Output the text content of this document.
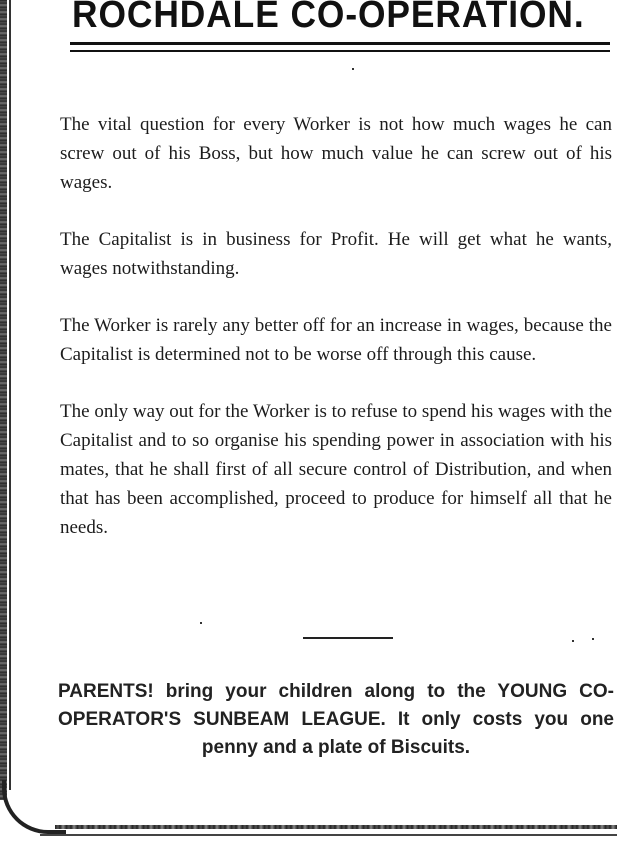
ROCHDALE CO-OPERATION.

The vital question for every Worker is not how much wages he can screw out of his Boss, but how much value he can screw out of his wages.

The Capitalist is in business for Profit. He will get what he wants, wages notwithstanding.

The Worker is rarely any better off for an increase in wages, because the Capitalist is determined not to be worse off through this cause.

The only way out for the Worker is to refuse to spend his wages with the Capitalist and to so organise his spending power in association with his mates, that he shall first of all secure control of Distribution, and when that has been accomplished, proceed to produce for himself all that he needs.

PARENTS! bring your children along to the YOUNG CO-OPERATOR'S SUNBEAM LEAGUE. It only costs you one penny and a plate of Biscuits.
